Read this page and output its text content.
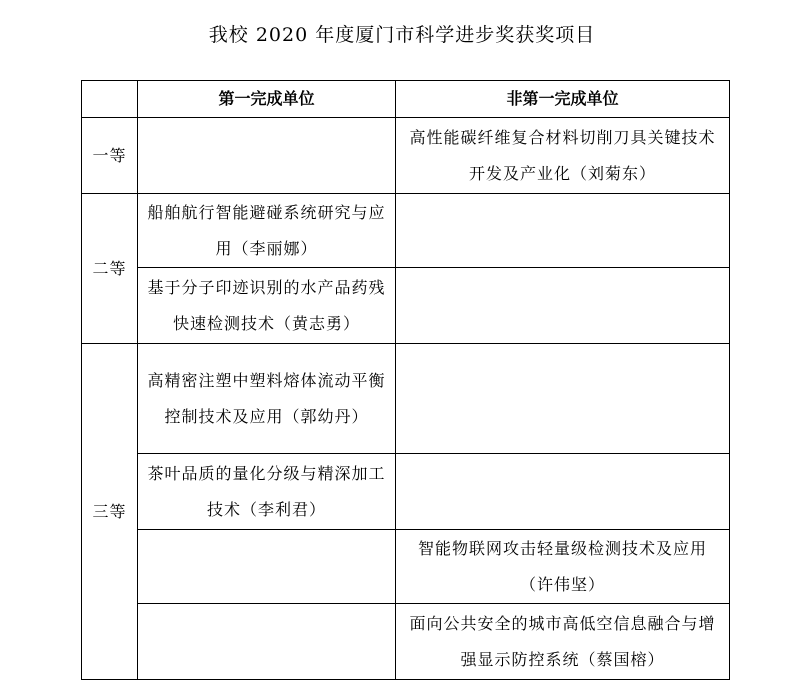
我校 2020 年度厦门市科学进步奖获奖项目
	第一完成单位	非第一完成单位
一等		高性能碳纤维复合材料切削刀具关键技术开发及产业化（刘菊东）

二等	船舶航行智能避碰系统研究与应用（李丽娜）	

	基于分子印迹识别的水产品药残快速检测技术（黄志勇）	

三等	高精密注塑中塑料熔体流动平衡控制技术及应用（郭幼丹）	

	茶叶品质的量化分级与精深加工技术（李利君）	

		智能物联网攻击轻量级检测技术及应用（许伟坚）

		面向公共安全的城市高低空信息融合与增强显示防控系统（蔡国榕）
